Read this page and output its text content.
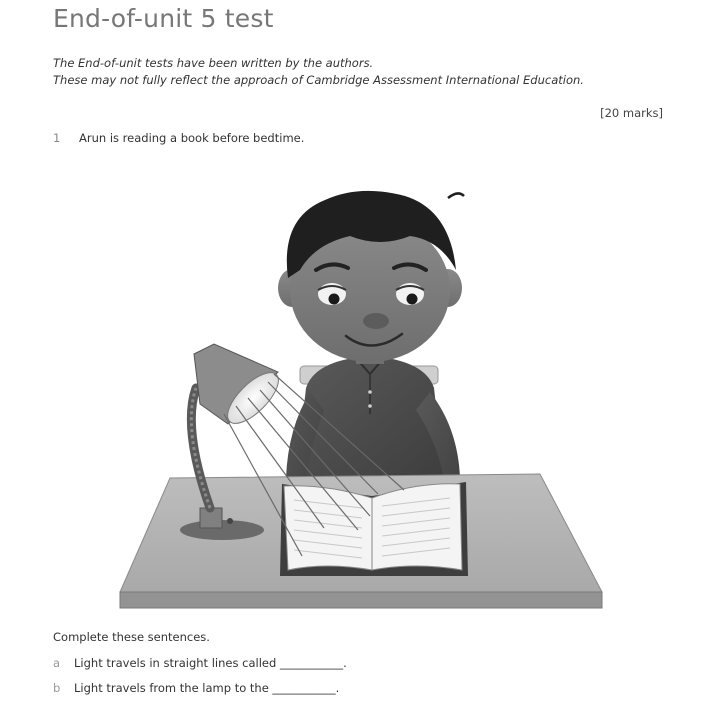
End-of-unit 5 test
The End-of-unit tests have been written by the authors.
These may not fully reflect the approach of Cambridge Assessment International Education.
[20 marks]
1 Arun is reading a book before bedtime.
Complete these sentences.
a Light travels in straight lines called ___________.
b Light travels from the lamp to the ___________.
